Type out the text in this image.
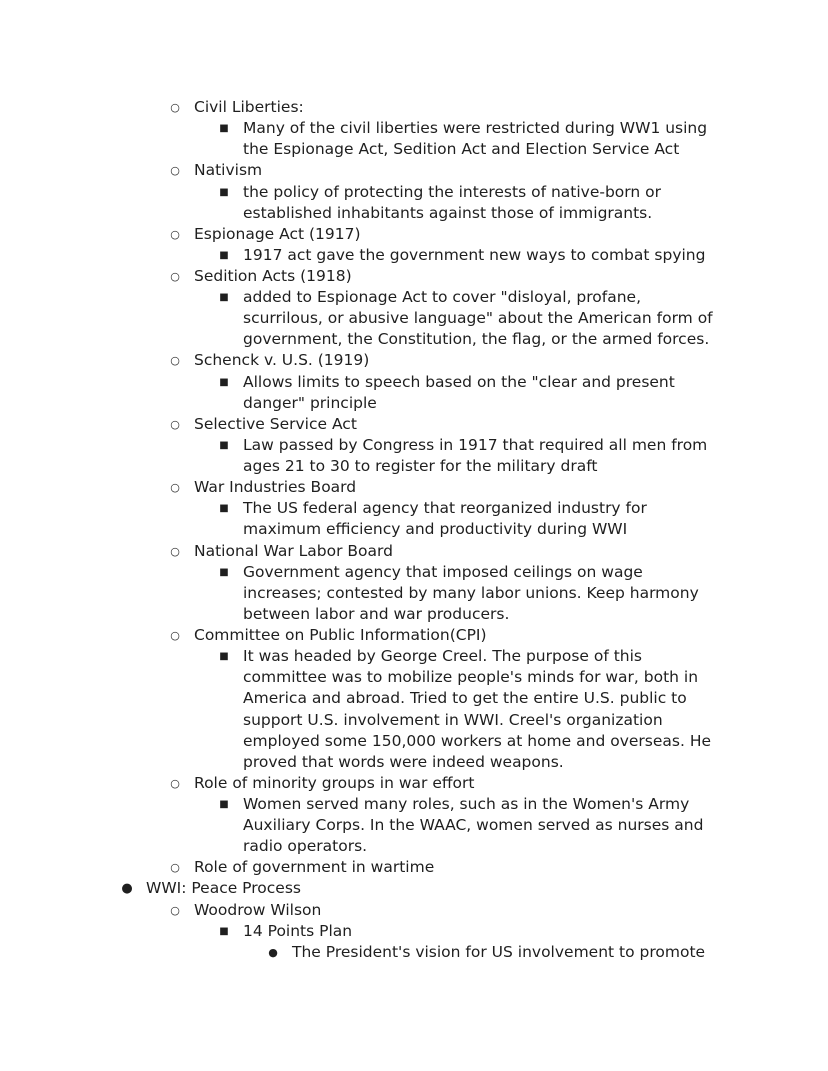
○ Civil Liberties:
■ Many of the civil liberties were restricted during WW1 using
the Espionage Act, Sedition Act and Election Service Act
○ Nativism
■ the policy of protecting the interests of native-born or
established inhabitants against those of immigrants.
○ Espionage Act (1917)
■ 1917 act gave the government new ways to combat spying
○ Sedition Acts (1918)
■ added to Espionage Act to cover "disloyal, profane,
scurrilous, or abusive language" about the American form of
government, the Constitution, the flag, or the armed forces.
○ Schenck v. U.S. (1919)
■ Allows limits to speech based on the "clear and present
danger" principle
○ Selective Service Act
■ Law passed by Congress in 1917 that required all men from
ages 21 to 30 to register for the military draft
○ War Industries Board
■ The US federal agency that reorganized industry for
maximum efficiency and productivity during WWI
○ National War Labor Board
■ Government agency that imposed ceilings on wage
increases; contested by many labor unions. Keep harmony
between labor and war producers.
○ Committee on Public Information(CPI)
■ It was headed by George Creel. The purpose of this
committee was to mobilize people's minds for war, both in
America and abroad. Tried to get the entire U.S. public to
support U.S. involvement in WWI. Creel's organization
employed some 150,000 workers at home and overseas. He
proved that words were indeed weapons.
○ Role of minority groups in war effort
■ Women served many roles, such as in the Women's Army
Auxiliary Corps. In the WAAC, women served as nurses and
radio operators.
○ Role of government in wartime
● WWI: Peace Process
○ Woodrow Wilson
■ 14 Points Plan
● The President's vision for US involvement to promote
